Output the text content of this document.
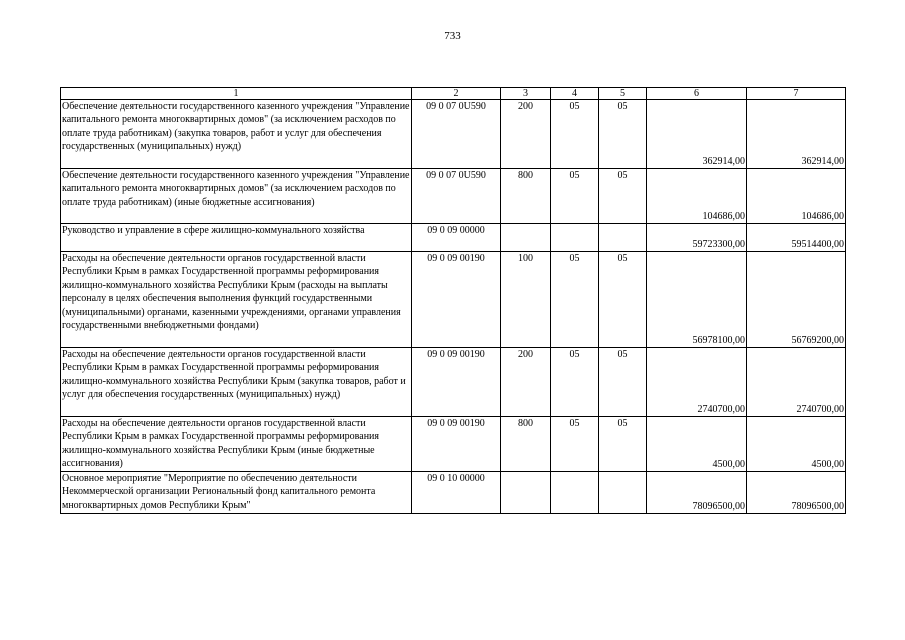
733
1	2	3	4	5	6	7
Обеспечение деятельности государственного казенного учреждения "Управление капитального ремонта многоквартирных домов" (за исключением расходов по оплате труда работникам) (закупка товаров, работ и услуг для обеспечения государственных (муниципальных) нужд)	09 0 07 0U590	200	05	05	362914,00	362914,00
Обеспечение деятельности государственного казенного учреждения "Управление капитального ремонта многоквартирных домов" (за исключением расходов по оплате труда работникам) (иные бюджетные ассигнования)	09 0 07 0U590	800	05	05	104686,00	104686,00
Руководство и управление в сфере жилищно-коммунального хозяйства	09 0 09 00000				59723300,00	59514400,00
Расходы на обеспечение деятельности органов государственной власти Республики Крым в рамках Государственной программы реформирования жилищно-коммунального хозяйства Республики Крым (расходы на выплаты персоналу в целях обеспечения выполнения функций государственными (муниципальными) органами, казенными учреждениями, органами управления государственными внебюджетными фондами)	09 0 09 00190	100	05	05	56978100,00	56769200,00
Расходы на обеспечение деятельности органов государственной власти Республики Крым в рамках Государственной программы реформирования жилищно-коммунального хозяйства Республики Крым (закупка товаров, работ и услуг для обеспечения государственных (муниципальных) нужд)	09 0 09 00190	200	05	05	2740700,00	2740700,00
Расходы на обеспечение деятельности органов государственной власти Республики Крым в рамках Государственной программы реформирования жилищно-коммунального хозяйства Республики Крым (иные бюджетные ассигнования)	09 0 09 00190	800	05	05	4500,00	4500,00
Основное мероприятие "Мероприятие по обеспечению деятельности Некоммерческой организации Региональный фонд капитального ремонта многоквартирных домов Республики Крым"	09 0 10 00000				78096500,00	78096500,00
